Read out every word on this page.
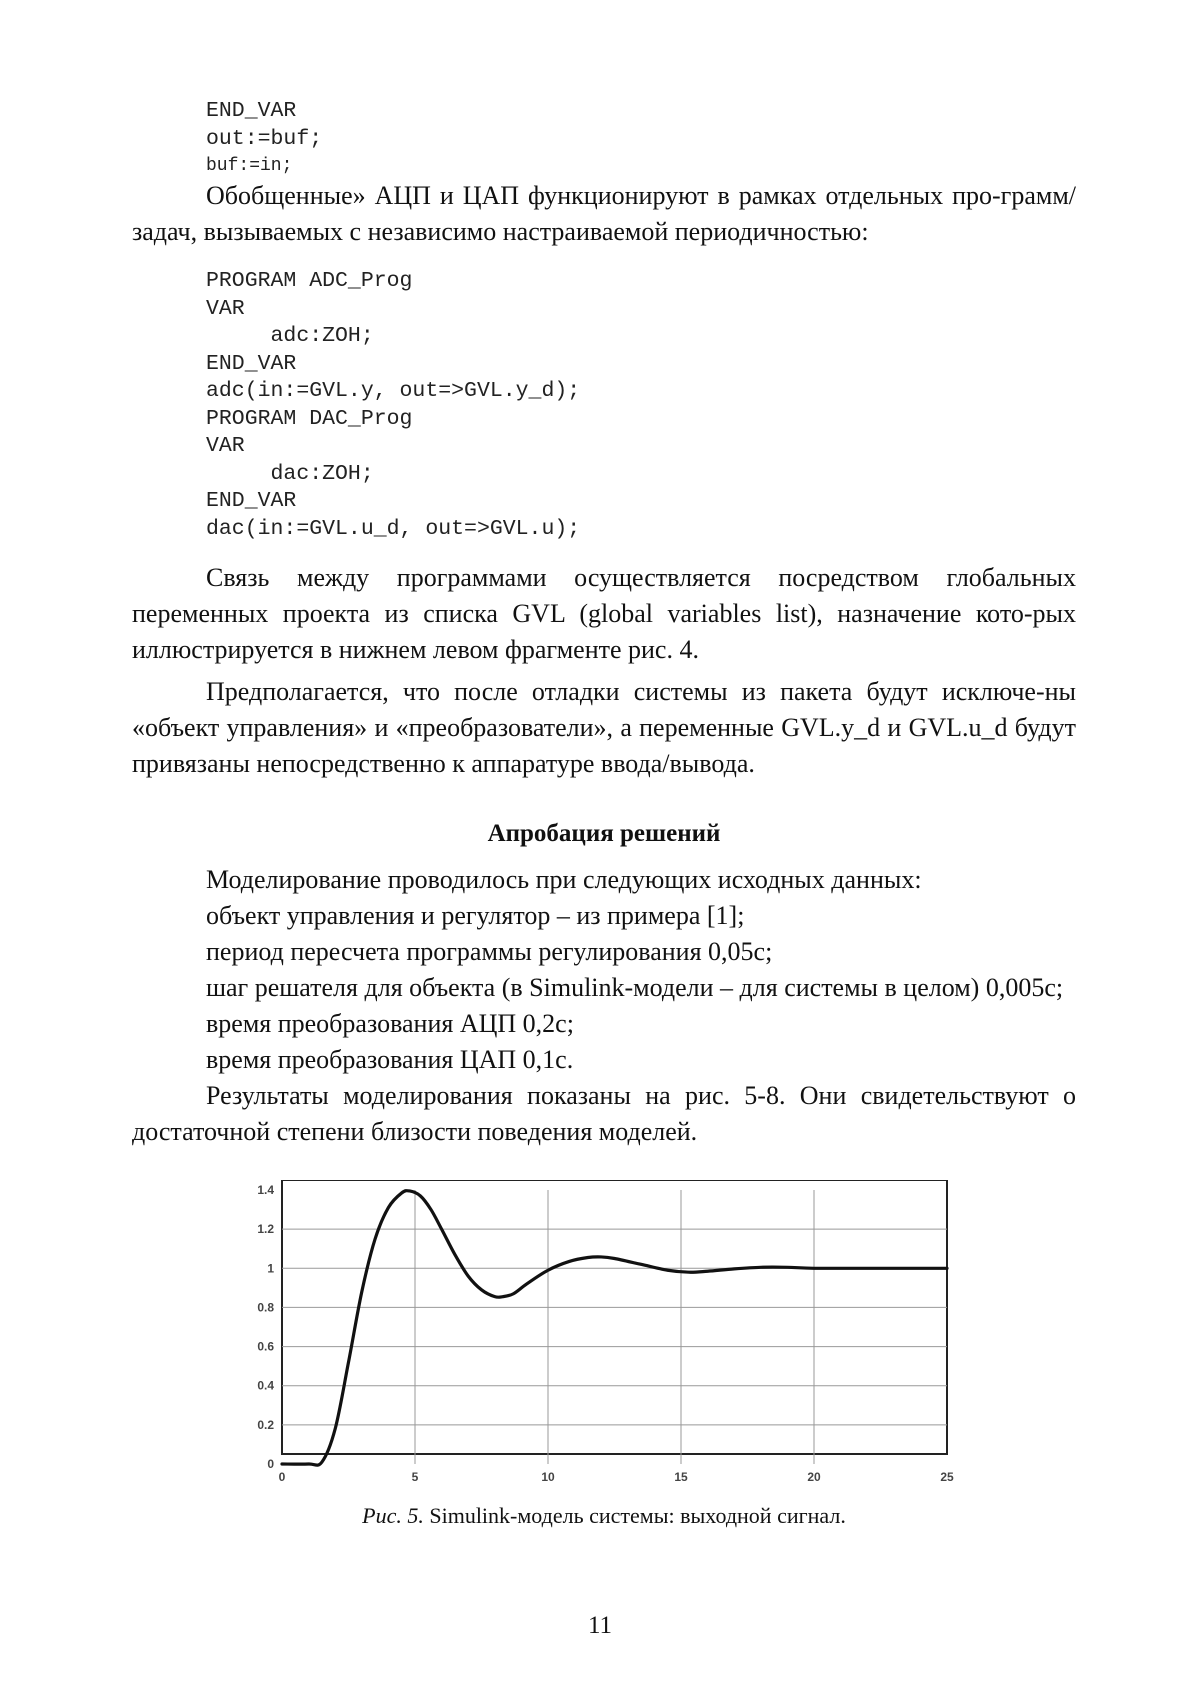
END_VAR
out:=buf;
buf:=in;

Обобщенные» АЦП и ЦАП функционируют в рамках отдельных про-грамм/задач, вызываемых с независимо настраиваемой периодичностью:

PROGRAM ADC_Prog
VAR
adc:ZOH;
END_VAR
adc(in:=GVL.y, out=>GVL.y_d);
PROGRAM DAC_Prog
VAR
dac:ZOH;
END_VAR
dac(in:=GVL.u_d, out=>GVL.u);

Связь между программами осуществляется посредством глобальных переменных проекта из списка GVL (global variables list), назначение кото-рых иллюстрируется в нижнем левом фрагменте рис. 4.

Предполагается, что после отладки системы из пакета будут исключе-ны «объект управления» и «преобразователи», а переменные GVL.y_d и GVL.u_d будут привязаны непосредственно к аппаратуре ввода/вывода.

Апробация решений

Моделирование проводилось при следующих исходных данных:

объект управления и регулятор – из примера [1];

период пересчета программы регулирования 0,05с;

шаг решателя для объекта (в Simulink-модели – для системы в целом) 0,005с;

время преобразования АЦП 0,2с;

время преобразования ЦАП 0,1с.

Результаты моделирования показаны на рис. 5-8. Они свидетельствуют о достаточной степени близости поведения моделей.

0	5	10	15	20	25
0
0.2
0.4
0.6
0.8
1
1.2
1.4
Рис. 5. Simulink-модель системы: выходной сигнал.
11
